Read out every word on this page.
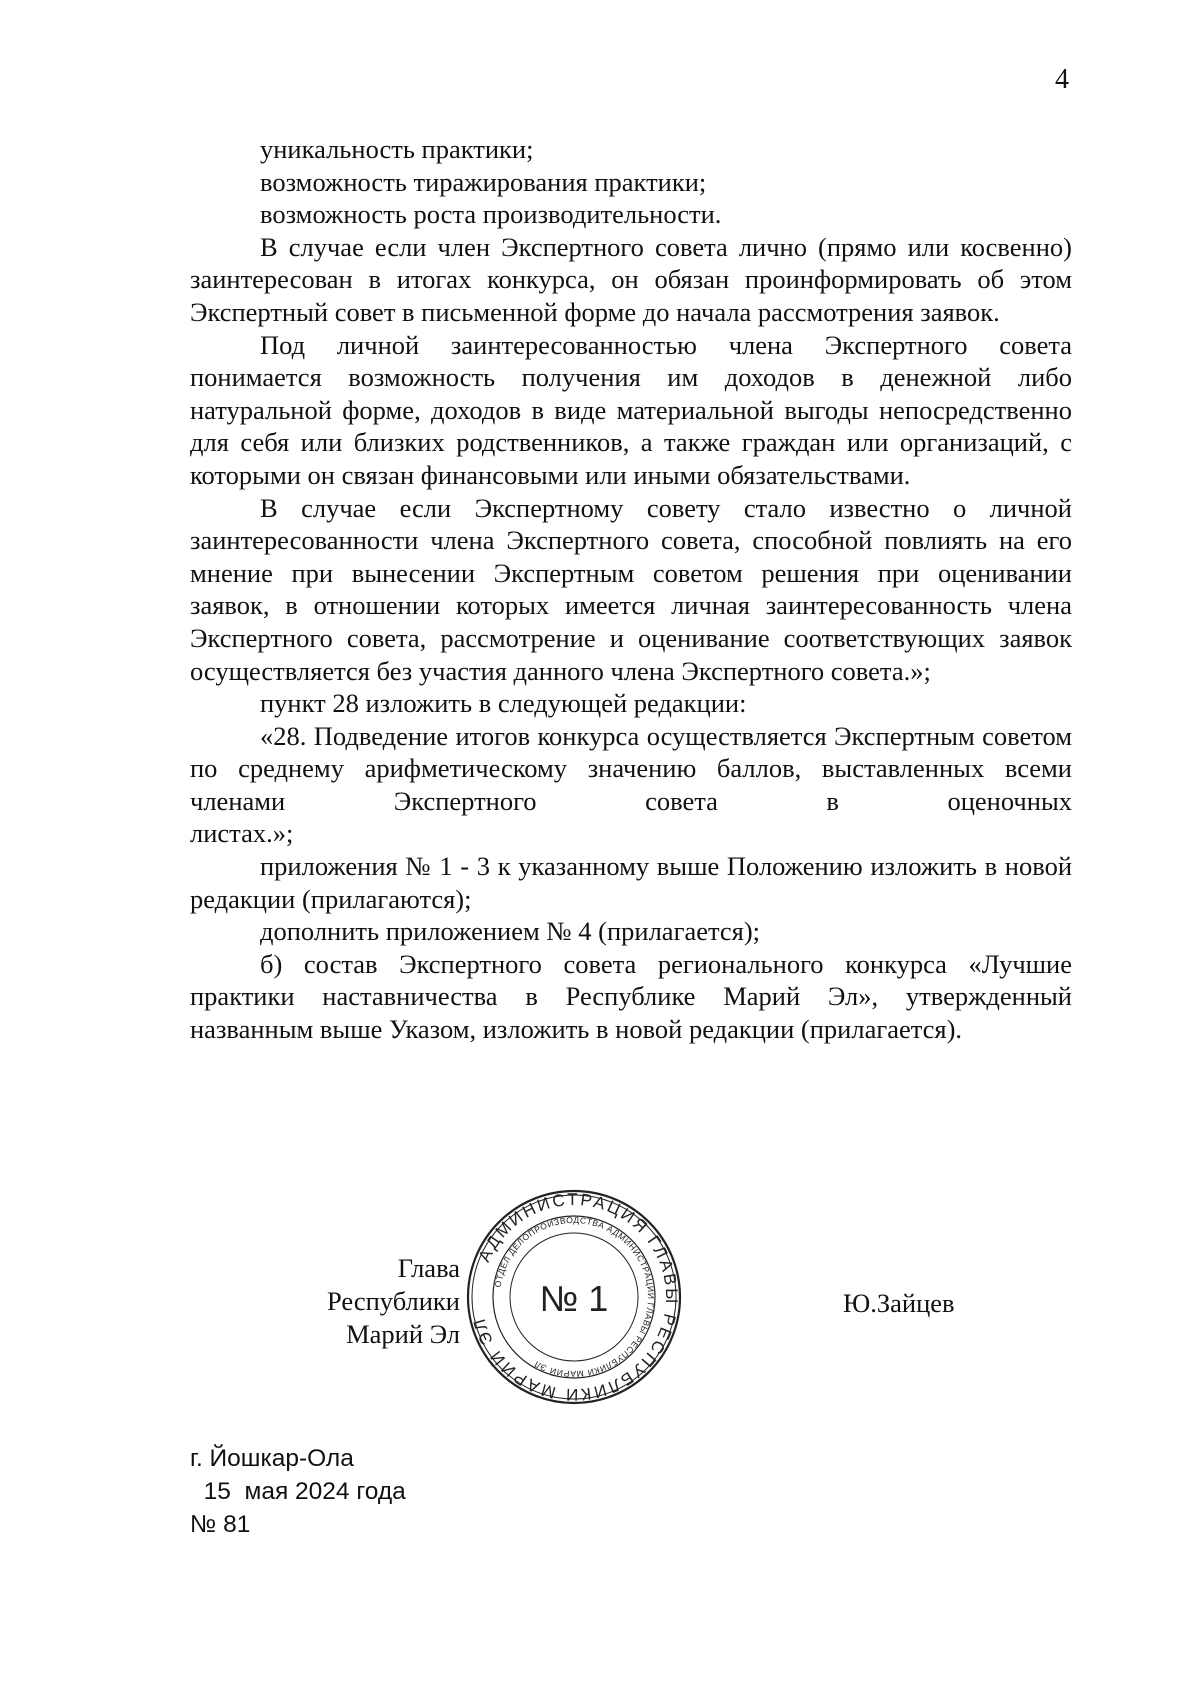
4

уникальность практики;

возможность тиражирования практики;

возможность роста производительности.

В случае если член Экспертного совета лично (прямо или косвенно) заинтересован в итогах конкурса, он обязан проинформировать об этом Экспертный совет в письменной форме до начала рассмотрения заявок.

Под личной заинтересованностью члена Экспертного совета понимается возможность получения им доходов в денежной либо натуральной форме, доходов в виде материальной выгоды непосредственно для себя или близких родственников, а также граждан или организаций, с которыми он связан финансовыми или иными обязательствами.

В случае если Экспертному совету стало известно о личной заинтересованности члена Экспертного совета, способной повлиять на его мнение при вынесении Экспертным советом решения при оценивании заявок, в отношении которых имеется личная заинтересованность члена Экспертного совета, рассмотрение и оценивание соответствующих заявок осуществляется без участия данного члена Экспертного совета.»;

пункт 28 изложить в следующей редакции:

«28. Подведение итогов конкурса осуществляется Экспертным советом по среднему арифметическому значению баллов, выставленных всеми членами Экспертного совета в оценочных

листах.»;

приложения № 1 - 3 к указанному выше Положению изложить в новой редакции (прилагаются);

дополнить приложением № 4 (прилагается);

б) состав Экспертного совета регионального конкурса «Лучшие практики наставничества в Республике Марий Эл», утвержденный названным выше Указом, изложить в новой редакции (прилагается).

Глава
Республики Марий Эл
АДМИНИСТРАЦИЯ ГЛАВЫ РЕСПУБЛИКИ МАРИЙ ЭЛ
ОТДЕЛ ДЕЛОПРОИЗВОДСТВА АДМИНИСТРАЦИИ ГЛАВЫ РЕСПУБЛИКИ МАРИЙ ЭЛ
№ 1	Ю.Зайцев
г. Йошкар-Ола
15  мая 2024 года
№ 81
